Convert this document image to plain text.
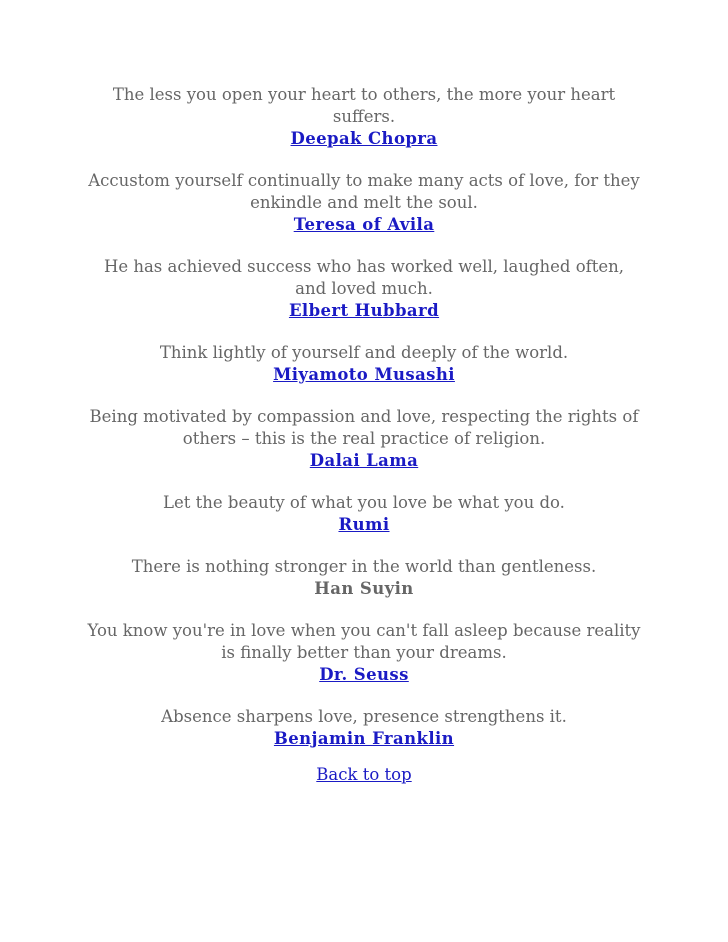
The less you open your heart to others, the more your heart suffers.

Deepak Chopra

Accustom yourself continually to make many acts of love, for they enkindle and melt the soul.

Teresa of Avila

He has achieved success who has worked well, laughed often, and loved much.

Elbert Hubbard

Think lightly of yourself and deeply of the world.

Miyamoto Musashi

Being motivated by compassion and love, respecting the rights of others – this is the real practice of religion.

Dalai Lama

Let the beauty of what you love be what you do.

Rumi

There is nothing stronger in the world than gentleness.

Han Suyin

You know you're in love when you can't fall asleep because reality is finally better than your dreams.

Dr. Seuss

Absence sharpens love, presence strengthens it.

Benjamin Franklin

Back to top
